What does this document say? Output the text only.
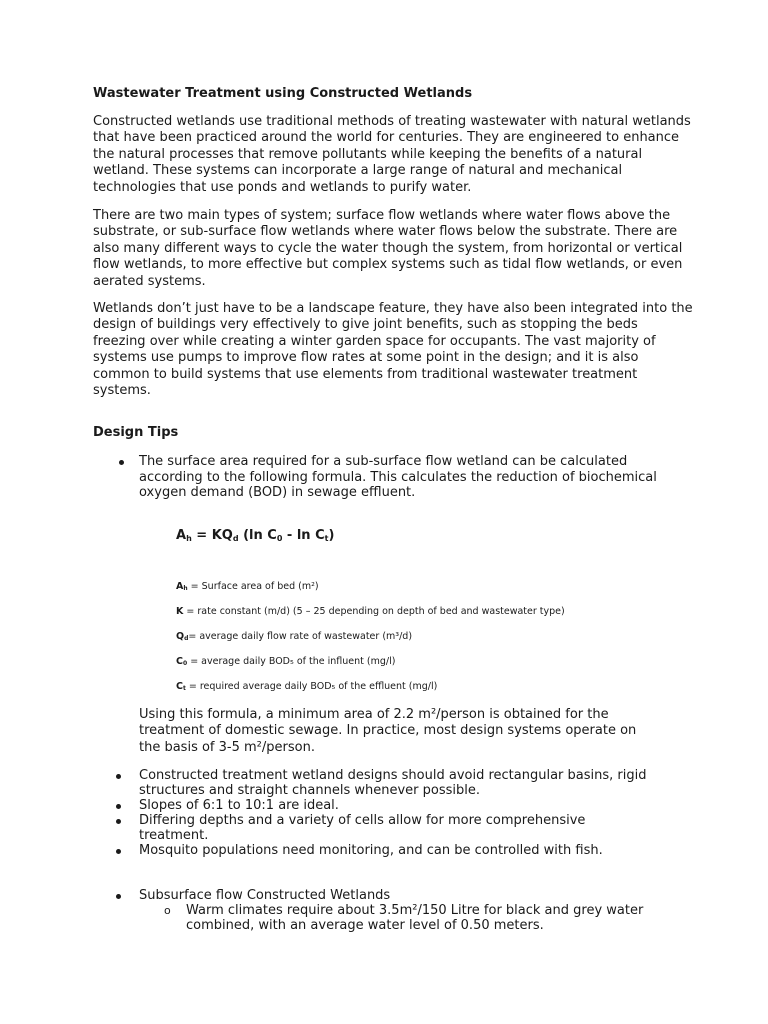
Wastewater Treatment using Constructed Wetlands

Constructed wetlands use traditional methods of treating wastewater with natural wetlands that have been practiced around the world for centuries. They are engineered to enhance the natural processes that remove pollutants while keeping the benefits of a natural wetland. These systems can incorporate a large range of natural and mechanical technologies that use ponds and wetlands to purify water.

There are two main types of system; surface flow wetlands where water flows above the substrate, or sub-surface flow wetlands where water flows below the substrate. There are also many different ways to cycle the water though the system, from horizontal or vertical flow wetlands, to more effective but complex systems such as tidal flow wetlands, or even aerated systems.

Wetlands don’t just have to be a landscape feature, they have also been integrated into the design of buildings very effectively to give joint benefits, such as stopping the beds freezing over while creating a winter garden space for occupants. The vast majority of systems use pumps to improve flow rates at some point in the design; and it is also common to build systems that use elements from traditional wastewater treatment systems.

Design Tips

The surface area required for a sub-surface flow wetland can be calculated according to the following formula. This calculates the reduction of biochemical oxygen demand (BOD) in sewage effluent.

$A_h = KQ_d$ (ln $C_0$ - $\ln C_t$)

$A_h$ = Surface area of bed (m²)

K = rate constant (m/d) (5 – 25 depending on depth of bed and wastewater type)

$Q_d=$ average daily flow rate of wastewater (m³/d)

$C_0$ = average daily BOD₅ of the influent (mg/l)

$C_t$ = required average daily BOD₅ of the effluent (mg/l)

Using this formula, a minimum area of 2.2 m²/person is obtained for the treatment of domestic sewage. In practice, most design systems operate on the basis of 3-5 m²/person.

Constructed treatment wetland designs should avoid rectangular basins, rigid structures and straight channels whenever possible.

Slopes of 6:1 to 10:1 are ideal.

Differing depths and a variety of cells allow for more comprehensive treatment.

Mosquito populations need monitoring, and can be controlled with fish.

Subsurface flow Constructed Wetlands

o Warm climates require about 3.5m²/150 Litre for black and grey water combined, with an average water level of 0.50 meters.
